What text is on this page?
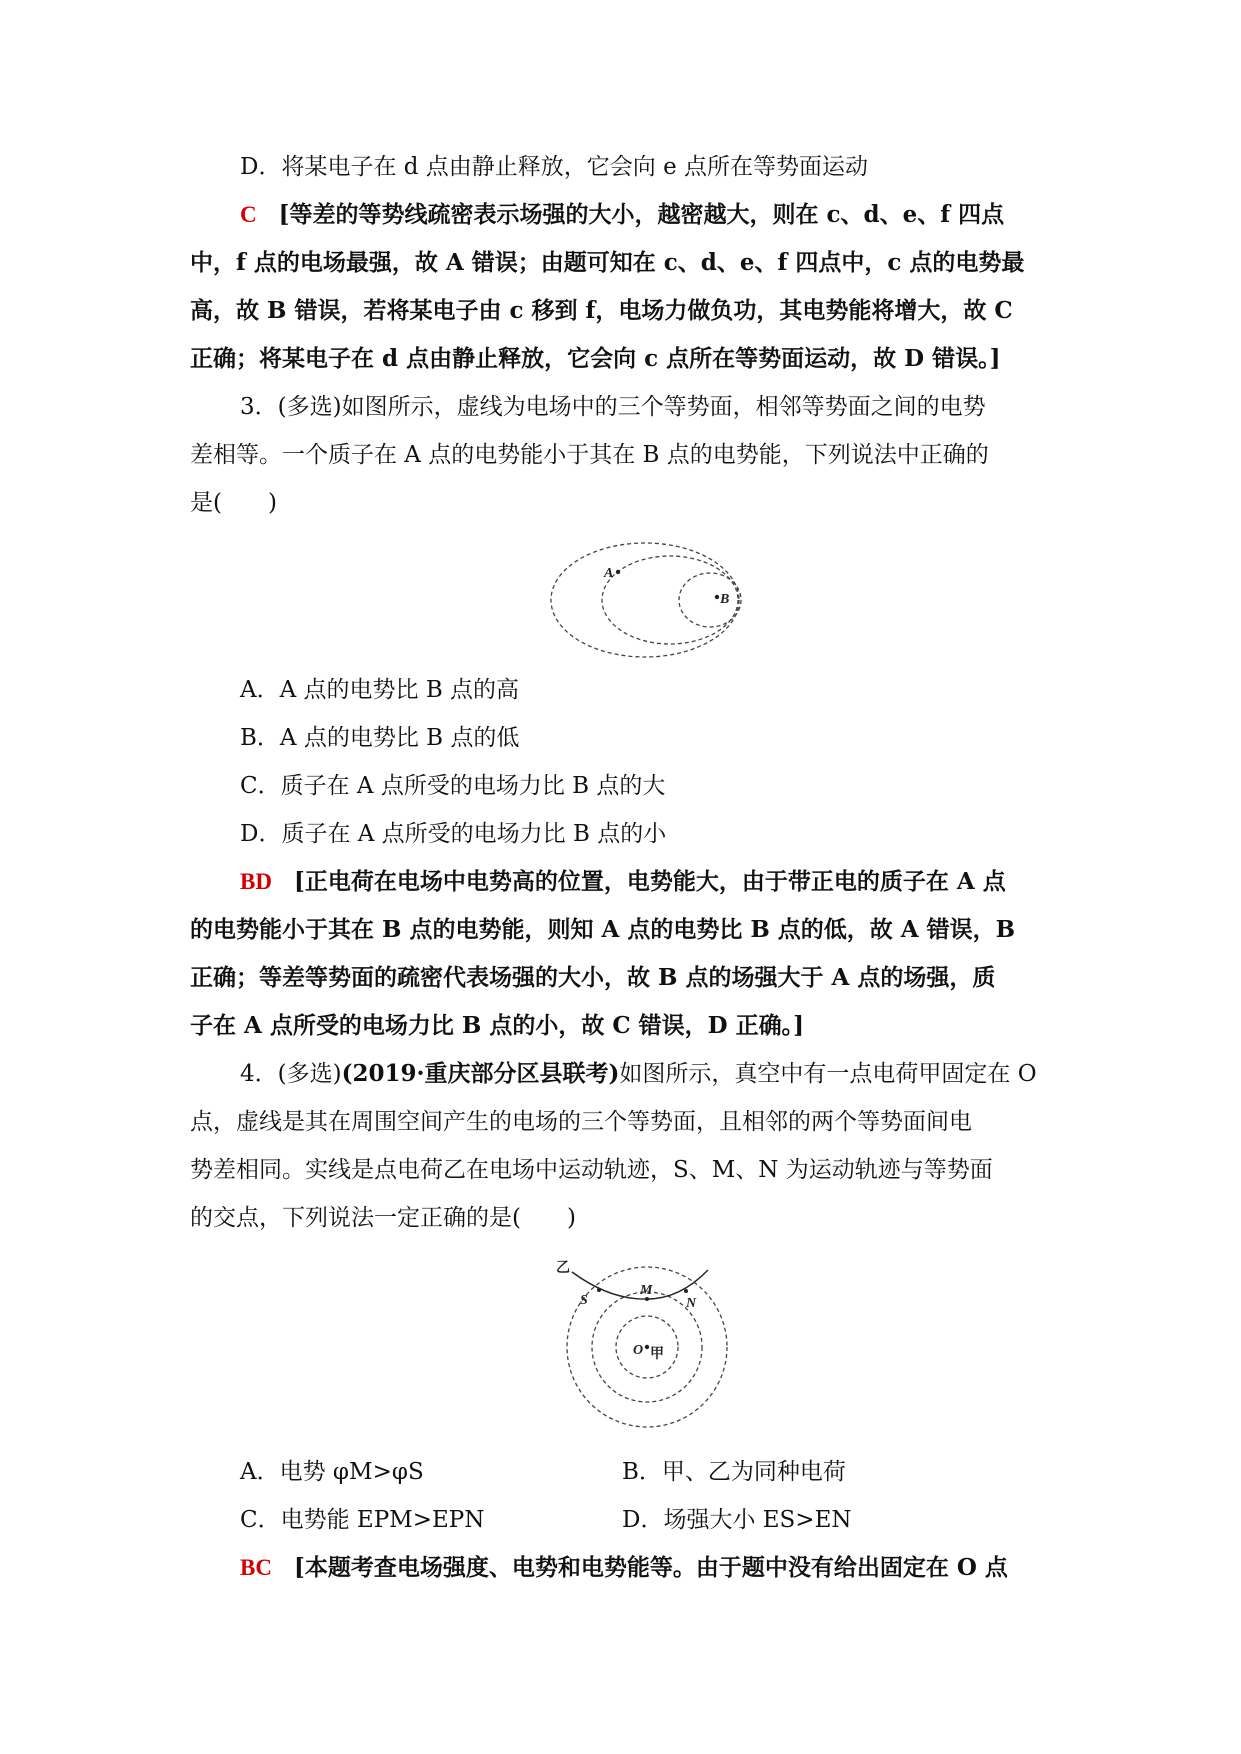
D．将某电子在 d 点由静止释放，它会向 e 点所在等势面运动
C [等差的等势线疏密表示场强的大小，越密越大，则在 c、d、e、f 四点
中，f 点的电场最强，故 A 错误；由题可知在 c、d、e、f 四点中，c 点的电势最
高，故 B 错误，若将某电子由 c 移到 f，电场力做负功，其电势能将增大，故 C
正确；将某电子在 d 点由静止释放，它会向 c 点所在等势面运动，故 D 错误。]
3．(多选)如图所示，虚线为电场中的三个等势面，相邻等势面之间的电势
差相等。一个质子在 A 点的电势能小于其在 B 点的电势能，下列说法中正确的
是(　　)
A
B
A．A 点的电势比 B 点的高
B．A 点的电势比 B 点的低
C．质子在 A 点所受的电场力比 B 点的大
D．质子在 A 点所受的电场力比 B 点的小
BD [正电荷在电场中电势高的位置，电势能大，由于带正电的质子在 A 点
的电势能小于其在 B 点的电势能，则知 A 点的电势比 B 点的低，故 A 错误，B
正确；等差等势面的疏密代表场强的大小，故 B 点的场强大于 A 点的场强，质
子在 A 点所受的电场力比 B 点的小，故 C 错误，D 正确。]
4．(多选)(2019·重庆部分区县联考)如图所示，真空中有一点电荷甲固定在 O
点，虚线是其在周围空间产生的电场的三个等势面，且相邻的两个等势面间电
势差相同。实线是点电荷乙在电场中运动轨迹，S、M、N 为运动轨迹与等势面
的交点，下列说法一定正确的是(　　)
乙
S
M
N
O 甲
A．电势 φM>φS	B．甲、乙为同种电荷
C．电势能 EPM>EPN	D．场强大小 ES>EN
BC [本题考查电场强度、电势和电势能等。由于题中没有给出固定在 O 点
